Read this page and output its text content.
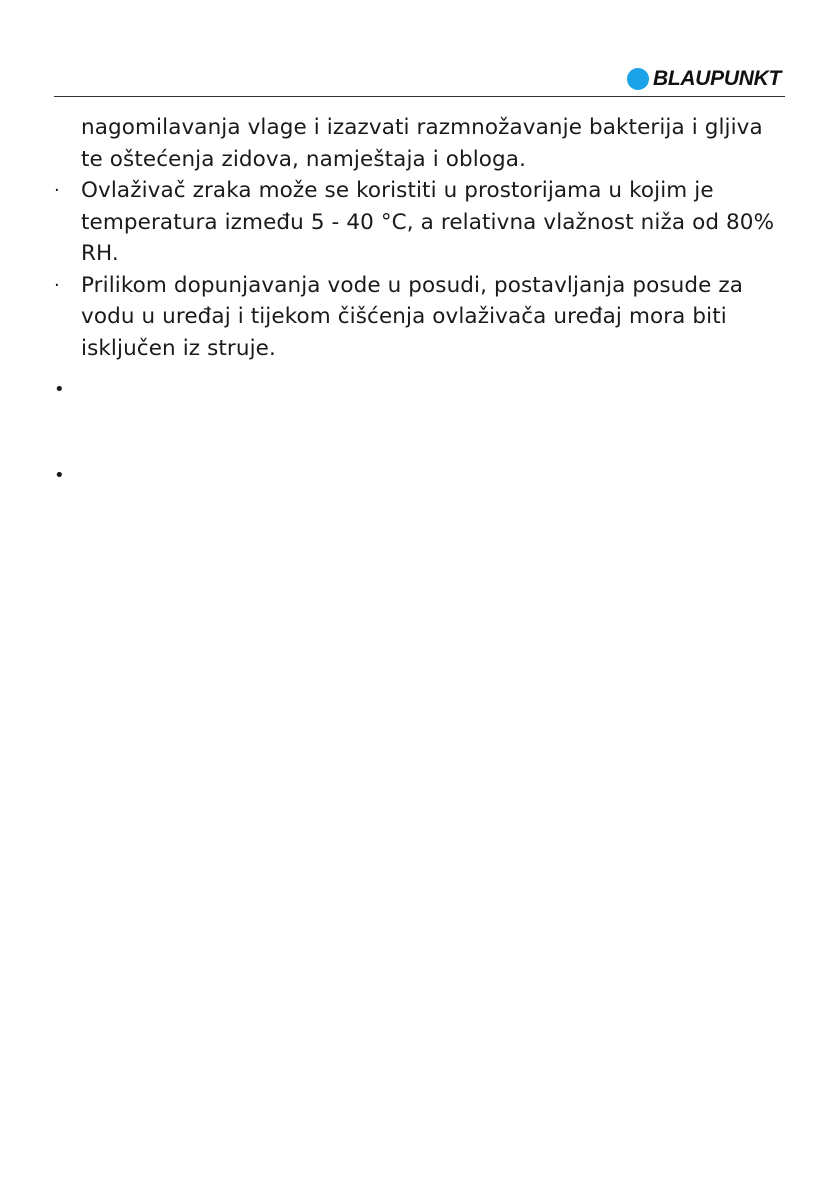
BLAUPUNKT
nagomilavanja vlage i izazvati razmnožavanje bakterija i gljiva te oštećenja zidova, namještaja i obloga.
· Ovlaživač zraka može se koristiti u prostorijama u kojim je temperatura između 5 - 40 °C, a relativna vlažnost niža od 80% RH.
· Prilikom dopunjavanja vode u posudi, postavljanja posude za vodu u uređaj i tijekom čišćenja ovlaživača uređaj mora biti isključen iz struje.
•
•
